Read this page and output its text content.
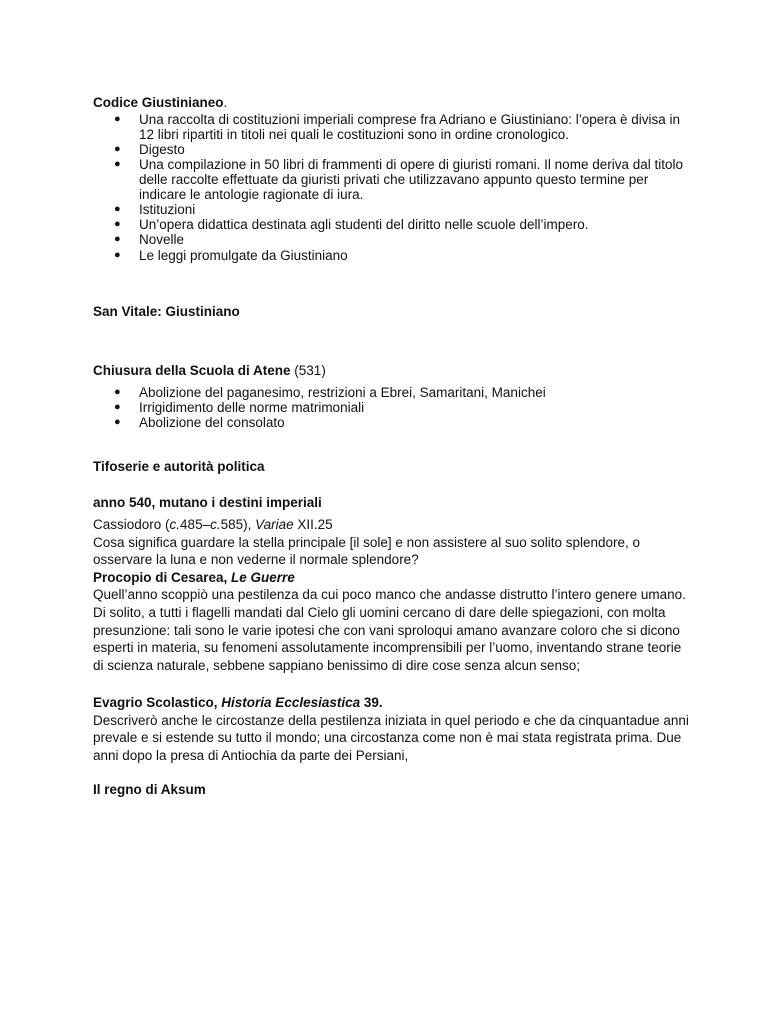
Codice Giustinianeo.
● Una raccolta di costituzioni imperiali comprese fra Adriano e Giustiniano: l’opera è divisa in 12 libri ripartiti in titoli nei quali le costituzioni sono in ordine cronologico.
● Digesto
● Una compilazione in 50 libri di frammenti di opere di giuristi romani. Il nome deriva dal titolo delle raccolte effettuate da giuristi privati che utilizzavano appunto questo termine per indicare le antologie ragionate di iura.
● Istituzioni
● Un’opera didattica destinata agli studenti del diritto nelle scuole dell’impero.
● Novelle
● Le leggi promulgate da Giustiniano
San Vitale: Giustiniano
Chiusura della Scuola di Atene (531)
● Abolizione del paganesimo, restrizioni a Ebrei, Samaritani, Manichei
● Irrigidimento delle norme matrimoniali
● Abolizione del consolato
Tifoserie e autorità politica
anno 540, mutano i destini imperiali
Cassiodoro (c.485–c.585), Variae XII.25
Cosa significa guardare la stella principale [il sole] e non assistere al suo solito splendore, o osservare la luna e non vederne il normale splendore?
Procopio di Cesarea, Le Guerre
Quell’anno scoppiò una pestilenza da cui poco manco che andasse distrutto l’intero genere umano. Di solito, a tutti i flagelli mandati dal Cielo gli uomini cercano di dare delle spiegazioni, con molta presunzione: tali sono le varie ipotesi che con vani sproloqui amano avanzare coloro che si dicono esperti in materia, su fenomeni assolutamente incomprensibili per l’uomo, inventando strane teorie di scienza naturale, sebbene sappiano benissimo di dire cose senza alcun senso;
Evagrio Scolastico, Historia Ecclesiastica 39.
Descriverò anche le circostanze della pestilenza iniziata in quel periodo e che da cinquantadue anni prevale e si estende su tutto il mondo; una circostanza come non è mai stata registrata prima. Due anni dopo la presa di Antiochia da parte dei Persiani,
Il regno di Aksum
